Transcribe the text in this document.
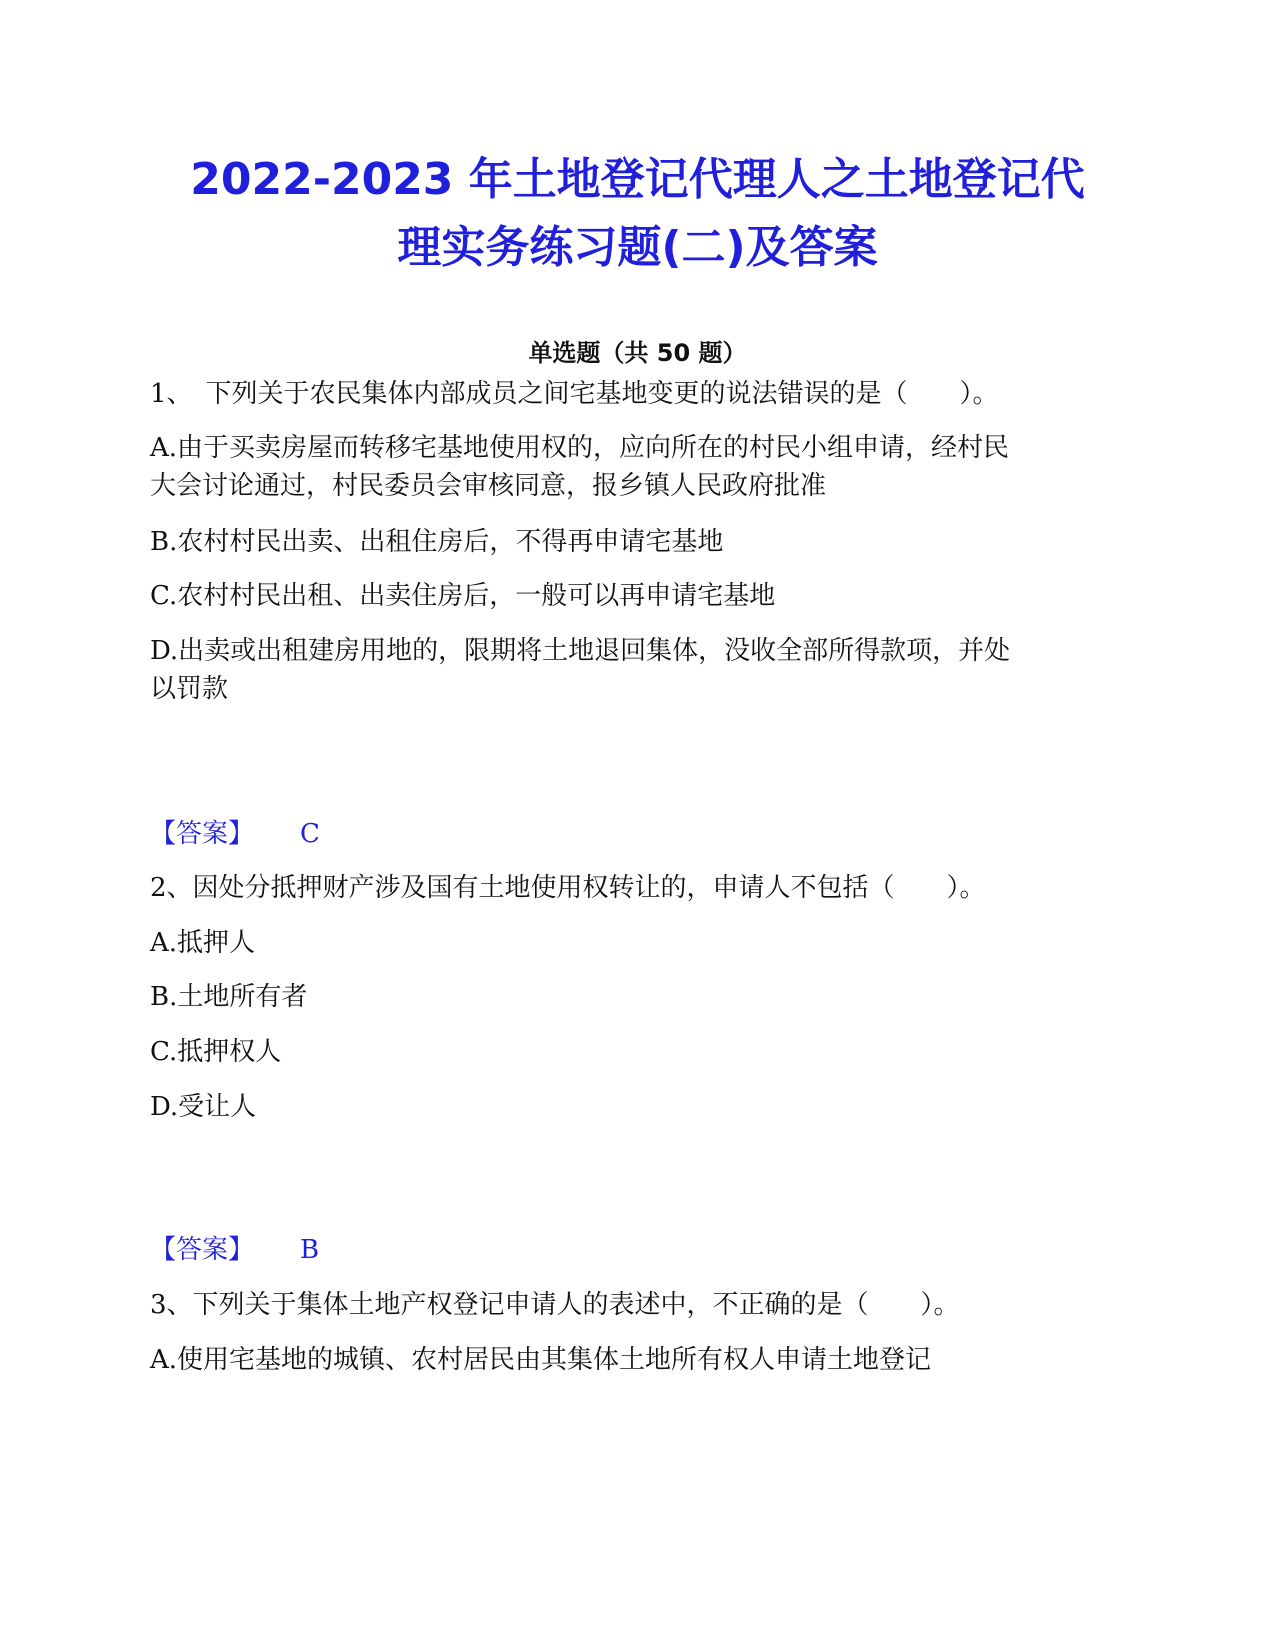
2022-2023 年土地登记代理人之土地登记代
理实务练习题(二)及答案
单选题（共 50 题）
1、　下列关于农民集体内部成员之间宅基地变更的说法错误的是（　　）。
A.由于买卖房屋而转移宅基地使用权的，应向所在的村民小组申请，经村民
大会讨论通过，村民委员会审核同意，报乡镇人民政府批准
B.农村村民出卖、出租住房后，不得再申请宅基地
C.农村村民出租、出卖住房后，一般可以再申请宅基地
D.出卖或出租建房用地的，限期将土地退回集体，没收全部所得款项，并处
以罚款
【答案】 C
2、因处分抵押财产涉及国有土地使用权转让的，申请人不包括（　　）。
A.抵押人
B.土地所有者
C.抵押权人
D.受让人
【答案】 B
3、下列关于集体土地产权登记申请人的表述中，不正确的是（　　）。
A.使用宅基地的城镇、农村居民由其集体土地所有权人申请土地登记
